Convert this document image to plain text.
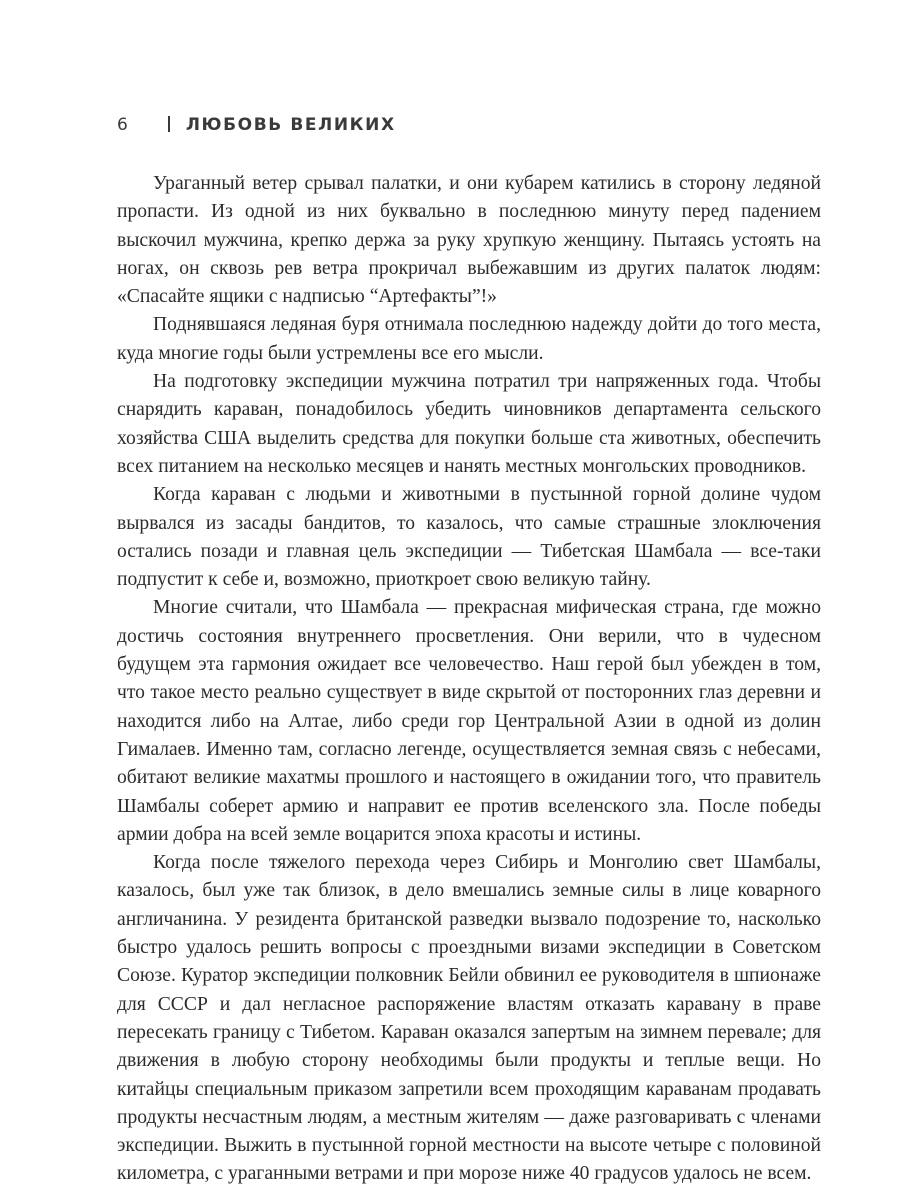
6	ЛЮБОВЬ ВЕЛИКИХ

Ураганный ветер срывал палатки, и они кубарем катились в сторону ледяной пропасти. Из одной из них буквально в последнюю минуту перед падением выскочил мужчина, крепко держа за руку хрупкую женщину. Пытаясь устоять на ногах, он сквозь рев ветра прокричал выбежавшим из других палаток людям: «Спасайте ящики с надписью “Артефакты”!»

Поднявшаяся ледяная буря отнимала последнюю надежду дойти до того места, куда многие годы были устремлены все его мысли.

На подготовку экспедиции мужчина потратил три напряженных года. Чтобы снарядить караван, понадобилось убедить чиновников департамента сельского хозяйства США выделить средства для покупки больше ста животных, обеспечить всех питанием на несколько месяцев и нанять местных монгольских проводников.

Когда караван с людьми и животными в пустынной горной долине чудом вырвался из засады бандитов, то казалось, что самые страшные злоключения остались позади и главная цель экспедиции — Тибетская Шамбала — все-таки подпустит к себе и, возможно, приоткроет свою великую тайну.

Многие считали, что Шамбала — прекрасная мифическая страна, где можно достичь состояния внутреннего просветления. Они верили, что в чудесном будущем эта гармония ожидает все человечество. Наш герой был убежден в том, что такое место реально существует в виде скрытой от посторонних глаз деревни и находится либо на Алтае, либо среди гор Центральной Азии в одной из долин Гималаев. Именно там, согласно легенде, осуществляется земная связь с небесами, обитают великие махатмы прошлого и настоящего в ожидании того, что правитель Шамбалы соберет армию и направит ее против вселенского зла. После победы армии добра на всей земле воцарится эпоха красоты и истины.

Когда после тяжелого перехода через Сибирь и Монголию свет Шамбалы, казалось, был уже так близок, в дело вмешались земные силы в лице коварного англичанина. У резидента британской разведки вызвало подозрение то, насколько быстро удалось решить вопросы с проездными визами экспедиции в Советском Союзе. Куратор экспедиции полковник Бейли обвинил ее руководителя в шпионаже для СССР и дал негласное распоряжение властям отказать каравану в праве пересекать границу с Тибетом. Караван оказался запертым на зимнем перевале; для движения в любую сторону необходимы были продукты и теплые вещи. Но китайцы специальным приказом запретили всем проходящим караванам продавать продукты несчастным людям, а местным жителям — даже разговаривать с членами экспедиции. Выжить в пустынной горной местности на высоте четыре с половиной километра, с ураганными ветрами и при морозе ниже 40 градусов удалось не всем.
